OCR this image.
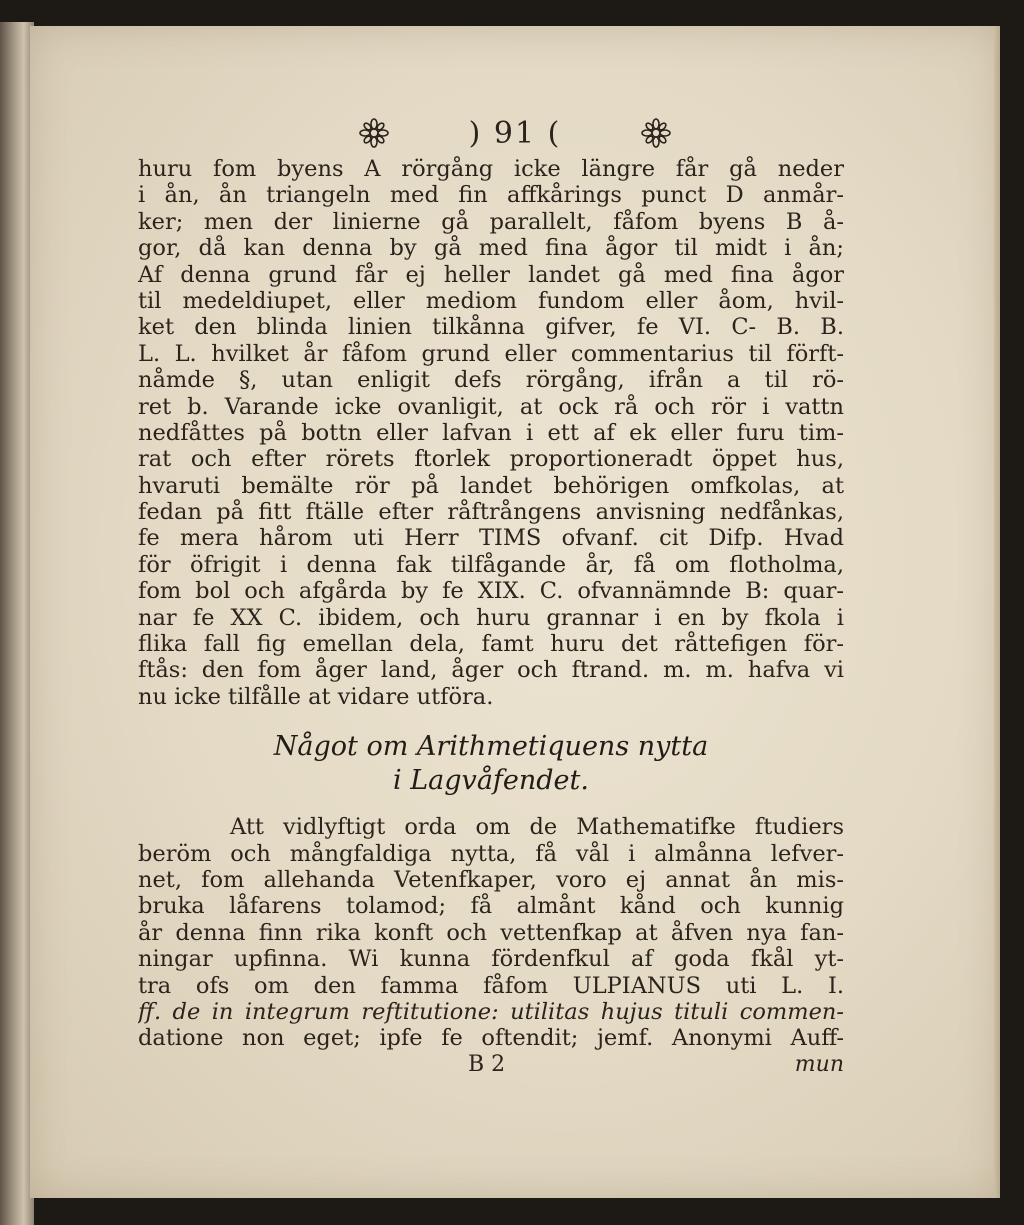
) 91 (
huru fom byens A rörgång icke längre får gå neder
i ån, ån triangeln med fin affkårings punct D anmår-
ker; men der linierne gå parallelt, fåfom byens B å-
gor, då kan denna by gå med fina ågor til midt i ån;
Af denna grund får ej heller landet gå med fina ågor
til medeldiupet, eller mediom fundom eller åom, hvil-
ket den blinda linien tilkånna gifver, fe VI. C- B. B.
L. L. hvilket år fåfom grund eller commentarius til förft-
nåmde §, utan enligit defs rörgång, ifrån a til rö-
ret b. Varande icke ovanligit, at ock rå och rör i vattn
nedfåttes på bottn eller lafvan i ett af ek eller furu tim-
rat och efter rörets ftorlek proportioneradt öppet hus,
hvaruti bemälte rör på landet behörigen omfkolas, at
fedan på fitt ftälle efter råftrångens anvisning nedfånkas,
fe mera hårom uti Herr TIMS ofvanf. cit Difp. Hvad
för öfrigit i denna fak tilfågande år, få om flotholma,
fom bol och afgårda by fe XIX. C. ofvannämnde B: quar-
nar fe XX C. ibidem, och huru grannar i en by fkola i
flika fall fig emellan dela, famt huru det råttefigen för-
ftås: den fom åger land, åger och ftrand. m. m. hafva vi
nu icke tilfålle at vidare utföra.
Något om Arithmetiquens nytta
i Lagvåfendet.
Att vidlyftigt orda om de Mathematifke ftudiers
beröm och mångfaldiga nytta, få vål i almånna lefver-
net, fom allehanda Vetenfkaper, voro ej annat ån mis-
bruka låfarens tolamod; få almånt kånd och kunnig
år denna finn rika konft och vettenfkap at åfven nya fan-
ningar upfinna. Wi kunna fördenfkul af goda fkål yt-
tra ofs om den famma fåfom ULPIANUS uti L. I.
ff. de in integrum reftitutione: utilitas hujus tituli commen-
datione non eget; ipfe fe oftendit; jemf. Anonymi Auff-
B 2	mun
